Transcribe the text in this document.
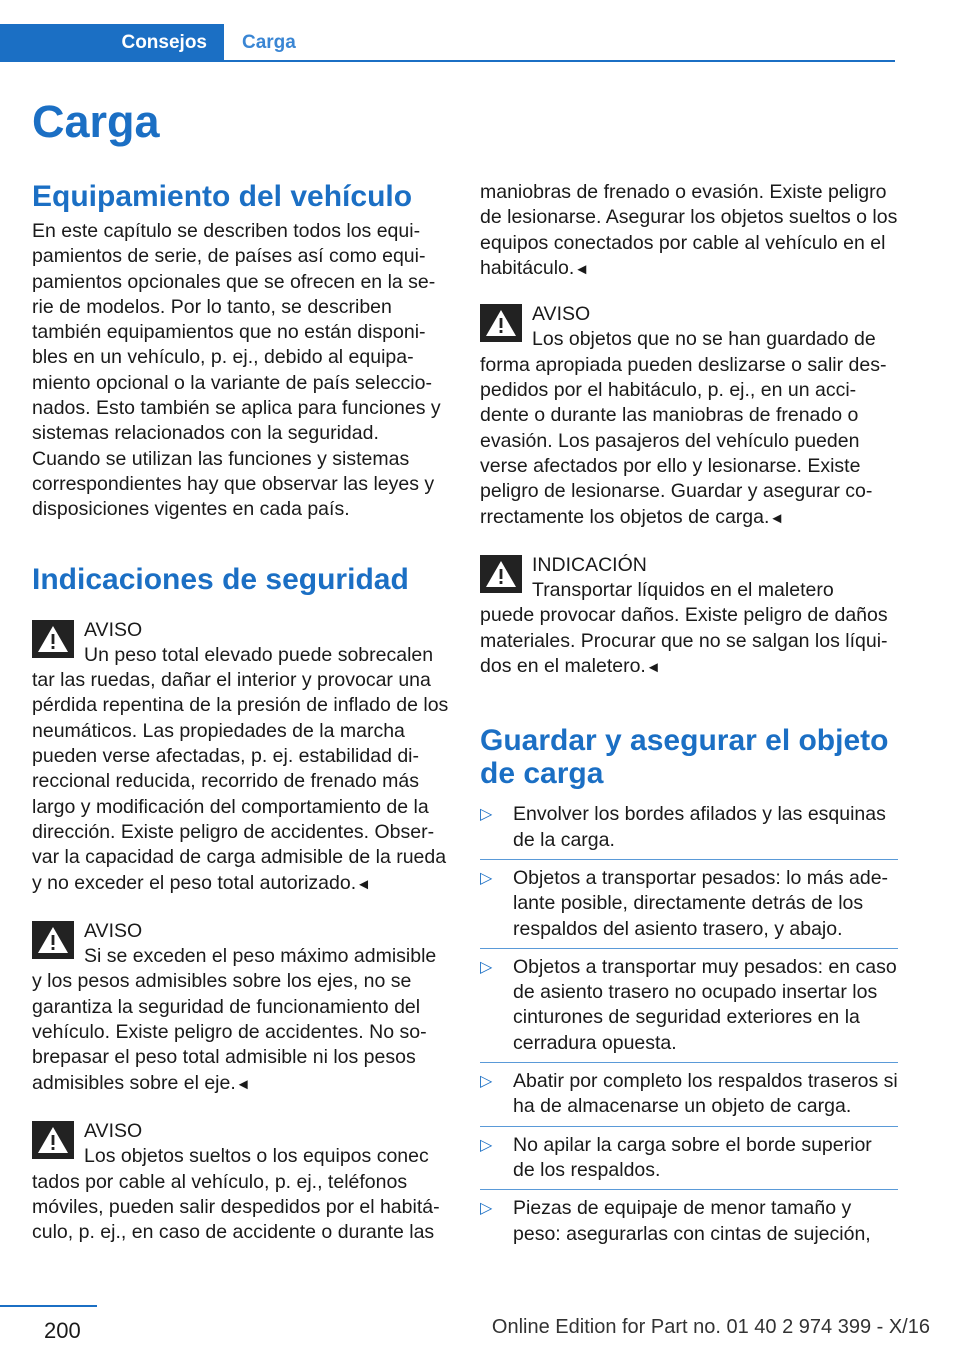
Consejos	Carga
Carga
Equipamiento del vehículo

En este capítulo se describen todos los equipamientos de serie, de países así como equipamientos opcionales que se ofrecen en la serie de modelos. Por lo tanto, se describen también equipamientos que no están disponibles en un vehículo, p. ej., debido al equipamiento opcional o la variante de país seleccionados. Esto también se aplica para funciones y sistemas relacionados con la seguridad. Cuando se utilizan las funciones y sistemas correspondientes hay que observar las leyes y disposiciones vigentes en cada país.

Indicaciones de seguridad
AVISO
Un peso total elevado puede sobrecalen
tar las ruedas, dañar el interior y provocar una pérdida repentina de la presión de inflado de los neumáticos. Las propiedades de la marcha pueden verse afectadas, p. ej. estabilidad direccional reducida, recorrido de frenado más largo y modificación del comportamiento de la dirección. Existe peligro de accidentes. Observar la capacidad de carga admisible de la rueda y no exceder el peso total autorizado.◄
AVISO
Si se exceden el peso máximo admisible
y los pesos admisibles sobre los ejes, no se garantiza la seguridad de funcionamiento del vehículo. Existe peligro de accidentes. No sobrepasar el peso total admisible ni los pesos admisibles sobre el eje.◄
AVISO
Los objetos sueltos o los equipos conec
tados por cable al vehículo, p. ej., teléfonos móviles, pueden salir despedidos por el habitáculo, p. ej., en caso de accidente o durante las

maniobras de frenado o evasión. Existe peligro de lesionarse. Asegurar los objetos sueltos o los equipos conectados por cable al vehículo en el habitáculo.◄

AVISO
Los objetos que no se han guardado de
forma apropiada pueden deslizarse o salir despedidos por el habitáculo, p. ej., en un accidente o durante las maniobras de frenado o evasión. Los pasajeros del vehículo pueden verse afectados por ello y lesionarse. Existe peligro de lesionarse. Guardar y asegurar correctamente los objetos de carga.◄
INDICACIÓN
Transportar líquidos en el maletero
puede provocar daños. Existe peligro de daños materiales. Procurar que no se salgan los líquidos en el maletero.◄
Guardar y asegurar el objeto de carga
▷ Envolver los bordes afilados y las esquinas de la carga.
▷ Objetos a transportar pesados: lo más adelante posible, directamente detrás de los respaldos del asiento trasero, y abajo.
▷ Objetos a transportar muy pesados: en caso de asiento trasero no ocupado insertar los cinturones de seguridad exteriores en la cerradura opuesta.
▷ Abatir por completo los respaldos traseros si ha de almacenarse un objeto de carga.
▷ No apilar la carga sobre el borde superior de los respaldos.
▷ Piezas de equipaje de menor tamaño y peso: asegurarlas con cintas de sujeción,
200	Online Edition for Part no. 01 40 2 974 399 - X/16
